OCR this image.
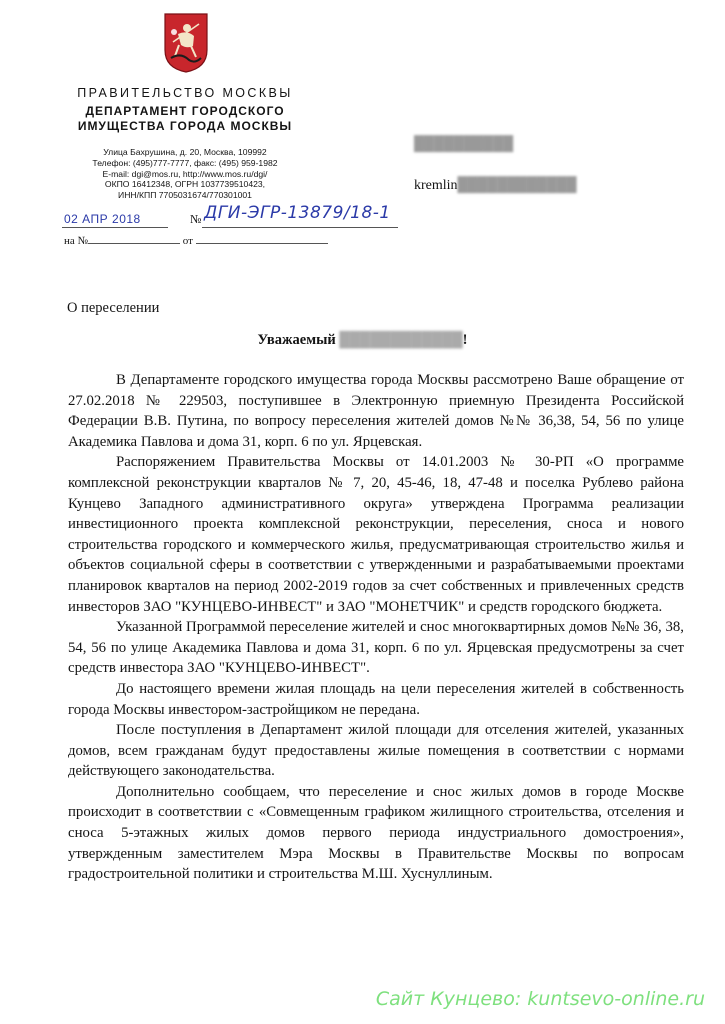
ПРАВИТЕЛЬСТВО МОСКВЫ
ДЕПАРТАМЕНТ ГОРОДСКОГО
ИМУЩЕСТВА ГОРОДА МОСКВЫ
Улица Бахрушина, д. 20, Москва, 109992
Телефон: (495)777-7777, факс: (495) 959-1982
E-mail: dgi@mos.ru, http://www.mos.ru/dgi/
ОКПО 16412348, ОГРН 1037739510423,
ИНН/КПП 7705031674/770301001
02 АПР 2018	№ ДГИ-ЭГР-13879/18-1
на №	от
██████████
kremlin████████████
О переселении
Уважаемый ████████████!

В Департаменте городского имущества города Москвы рассмотрено Ваше обращение от 27.02.2018 № 229503, поступившее в Электронную приемную Президента Российской Федерации В.В. Путина, по вопросу переселения жителей домов №№ 36,38, 54, 56 по улице Академика Павлова и дома 31, корп. 6 по ул. Ярцевская.

Распоряжением Правительства Москвы от 14.01.2003 № 30-РП «О программе комплексной реконструкции кварталов № 7, 20, 45-46, 18, 47-48 и поселка Рублево района Кунцево Западного административного округа» утверждена Программа реализации инвестиционного проекта комплексной реконструкции, переселения, сноса и нового строительства городского и коммерческого жилья, предусматривающая строительство жилья и объектов социальной сферы в соответствии с утвержденными и разрабатываемыми проектами планировок кварталов на период 2002-2019 годов за счет собственных и привлеченных средств инвесторов ЗАО "КУНЦЕВО-ИНВЕСТ" и ЗАО "МОНЕТЧИК" и средств городского бюджета.

Указанной Программой переселение жителей и снос многоквартирных домов №№ 36, 38, 54, 56 по улице Академика Павлова и дома 31, корп. 6 по ул. Ярцевская предусмотрены за счет средств инвестора ЗАО "КУНЦЕВО-ИНВЕСТ".

До настоящего времени жилая площадь на цели переселения жителей в собственность города Москвы инвестором-застройщиком не передана.

После поступления в Департамент жилой площади для отселения жителей, указанных домов, всем гражданам будут предоставлены жилые помещения в соответствии с нормами действующего законодательства.

Дополнительно сообщаем, что переселение и снос жилых домов в городе Москве происходит в соответствии с «Совмещенным графиком жилищного строительства, отселения и сноса 5-этажных жилых домов первого периода индустриального домостроения», утвержденным заместителем Мэра Москвы в Правительстве Москвы по вопросам градостроительной политики и строительства М.Ш. Хуснуллиным.

Сайт Кунцево: kuntsevo-online.ru
